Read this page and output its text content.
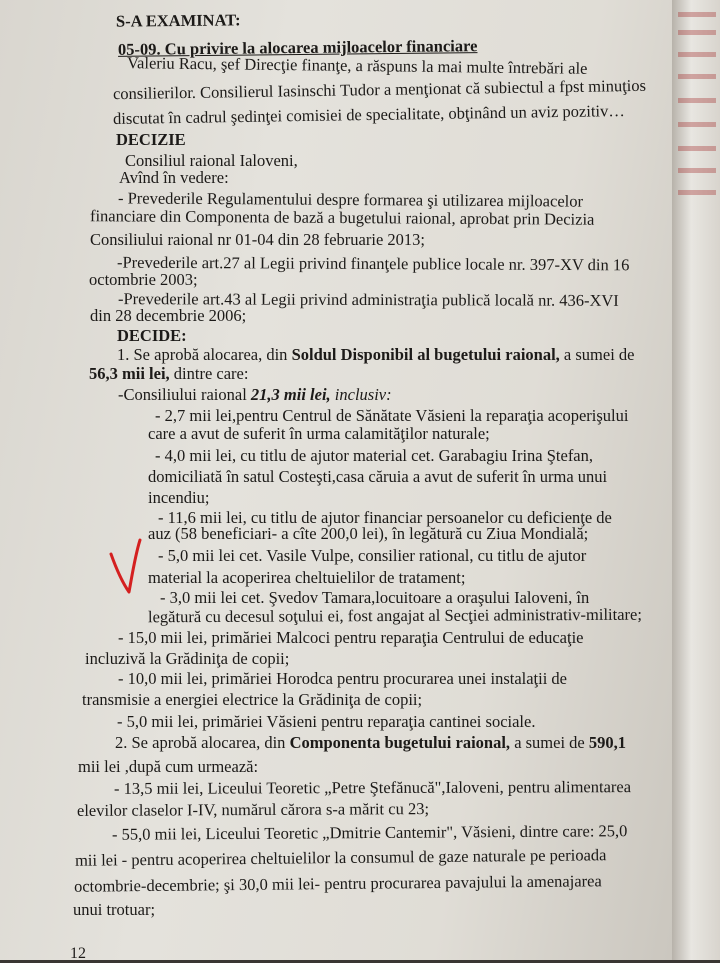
S-A EXAMINAT:
05-09. Cu privire la alocarea mijloacelor financiare
Valeriu Racu, şef Direcţie finanţe, a răspuns la mai multe întrebări ale
consilierilor. Consilierul Iasinschi Tudor a menţionat că subiectul a fpst minuţios
discutat în cadrul şedinţei comisiei de specialitate, obţinând un aviz pozitiv…
DECIZIE
Consiliul raional Ialoveni,
Avînd în vedere:
- Prevederile Regulamentului despre formarea şi utilizarea mijloacelor
financiare din Componenta de bază a bugetului raional, aprobat prin Decizia
Consiliului raional nr 01-04 din 28 februarie 2013;
-Prevederile art.27 al Legii privind finanţele publice locale nr. 397-XV din 16
octombrie 2003;
-Prevederile art.43 al Legii privind administraţia publică locală nr. 436-XVI
din 28 decembrie 2006;
DECIDE:
1. Se aprobă alocarea, din Soldul Disponibil al bugetului raional, a sumei de
56,3 mii lei, dintre care:
-Consiliului raional 21,3 mii lei, inclusiv:
- 2,7 mii lei,pentru Centrul de Sănătate Văsieni la reparaţia acoperişului
care a avut de suferit în urma calamităţilor naturale;
- 4,0 mii lei, cu titlu de ajutor material cet. Garabagiu Irina Ştefan,
domiciliată în satul Costeşti,casa căruia a avut de suferit în urma unui
incendiu;
- 11,6 mii lei, cu titlu de ajutor financiar persoanelor cu deficienţe de
auz (58 beneficiari- a cîte 200,0 lei), în legătură cu Ziua Mondială;
- 5,0 mii lei cet. Vasile Vulpe, consilier rational, cu titlu de ajutor
material la acoperirea cheltuielilor de tratament;
- 3,0 mii lei cet. Şvedov Tamara,locuitoare a oraşului Ialoveni, în
legătură cu decesul soţului ei, fost angajat al Secţiei administrativ-militare;
- 15,0 mii lei, primăriei Malcoci pentru reparaţia Centrului de educaţie
incluzivă la Grădiniţa de copii;
- 10,0 mii lei, primăriei Horodca pentru procurarea unei instalaţii de
transmisie a energiei electrice la Grădiniţa de copii;
- 5,0 mii lei, primăriei Văsieni pentru reparaţia cantinei sociale.
2. Se aprobă alocarea, din Componenta bugetului raional, a sumei de 590,1
mii lei ,după cum urmează:
- 13,5 mii lei, Liceului Teoretic „Petre Ştefănucă",Ialoveni, pentru alimentarea
elevilor claselor I-IV, numărul cărora s-a mărit cu 23;
- 55,0 mii lei, Liceului Teoretic „Dmitrie Cantemir", Văsieni, dintre care: 25,0
mii lei - pentru acoperirea cheltuielilor la consumul de gaze naturale pe perioada
octombrie-decembrie; şi 30,0 mii lei- pentru procurarea pavajului la amenajarea
unui trotuar;
12
